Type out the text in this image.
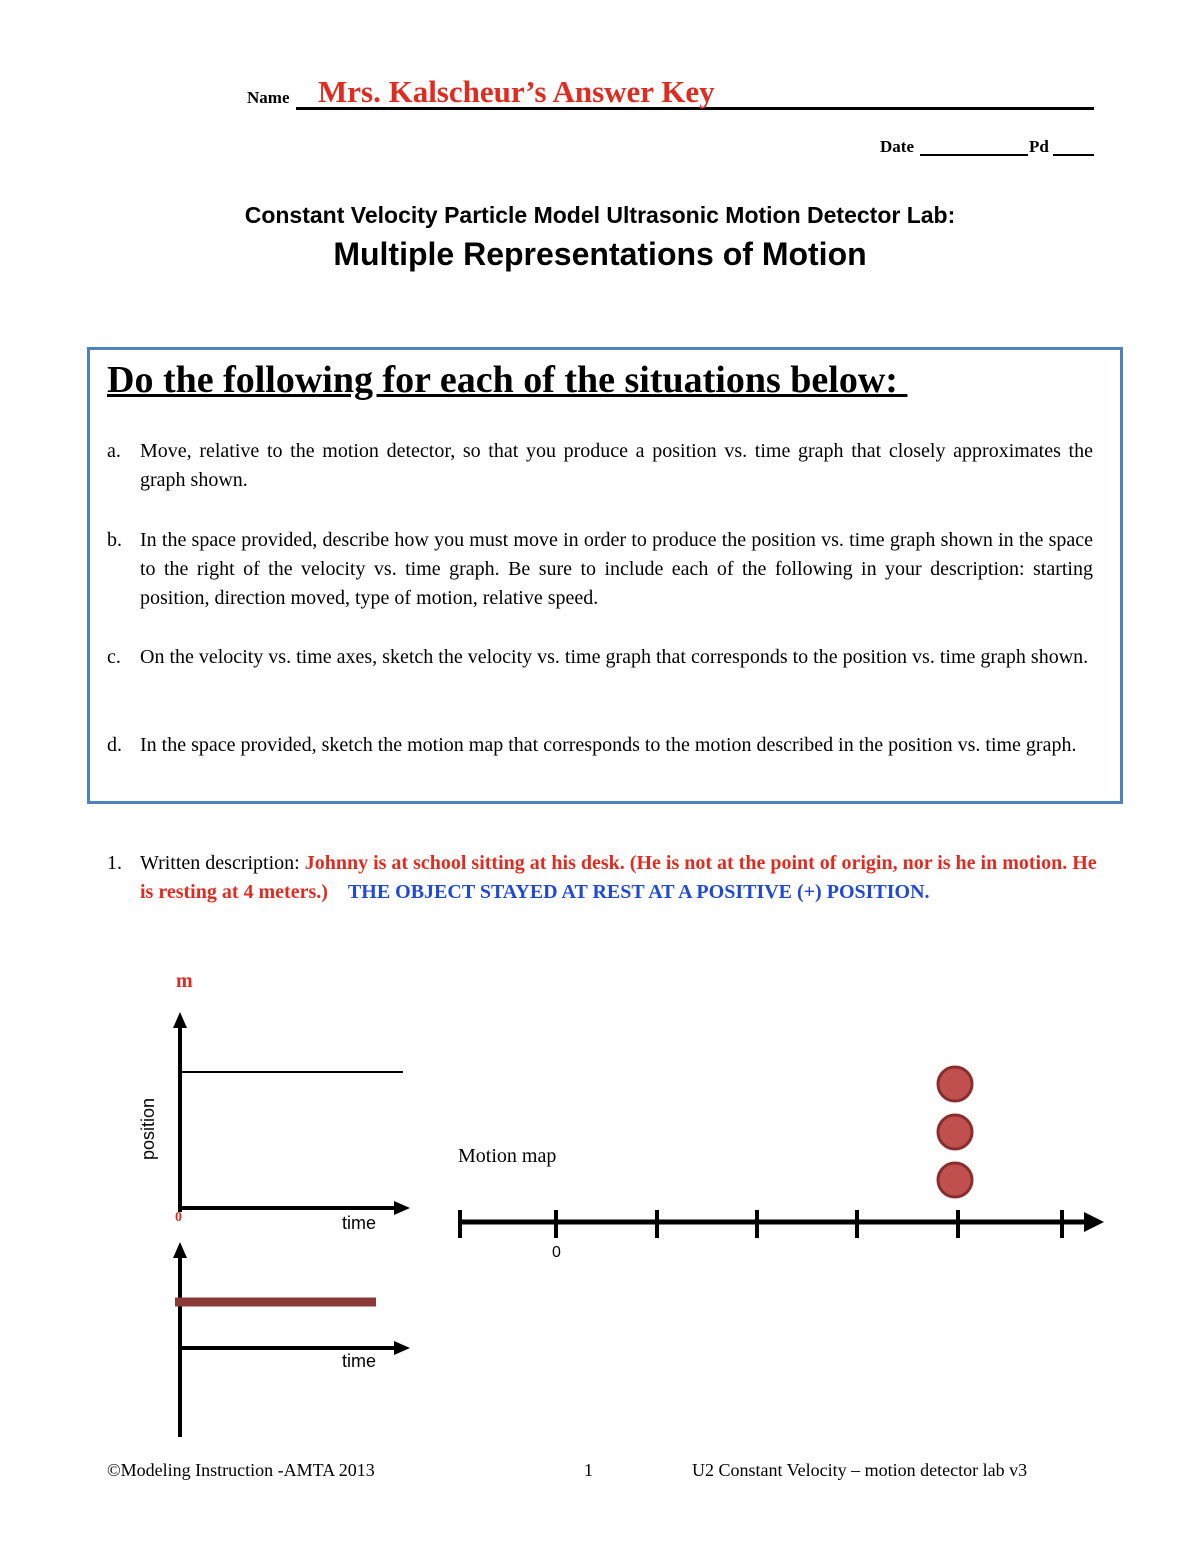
Name Mrs. Kalscheur’s Answer Key
Date	Pd
Constant Velocity Particle Model Ultrasonic Motion Detector Lab:
Multiple Representations of Motion
Do the following for each of the situations below:
a. Move, relative to the motion detector, so that you produce a position vs. time graph that closely approximates the graph shown.
b. In the space provided, describe how you must move in order to produce the position vs. time graph shown in the space to the right of the velocity vs. time graph. Be sure to include each of the following in your description: starting position, direction moved, type of motion, relative speed.
c. On the velocity vs. time axes, sketch the velocity vs. time graph that corresponds to the position vs. time graph shown.
d. In the space provided, sketch the motion map that corresponds to the motion described in the position vs. time graph.
1. Written description: Johnny is at school sitting at his desk. (He is not at the point of origin, nor is he in motion. He is resting at 4 meters.) THE OBJECT STAYED AT REST AT A POSITIVE (+) POSITION.
m
position
time
0
time
Motion map
0
©Modeling Instruction -AMTA 2013	1	U2 Constant Velocity – motion detector lab v3
